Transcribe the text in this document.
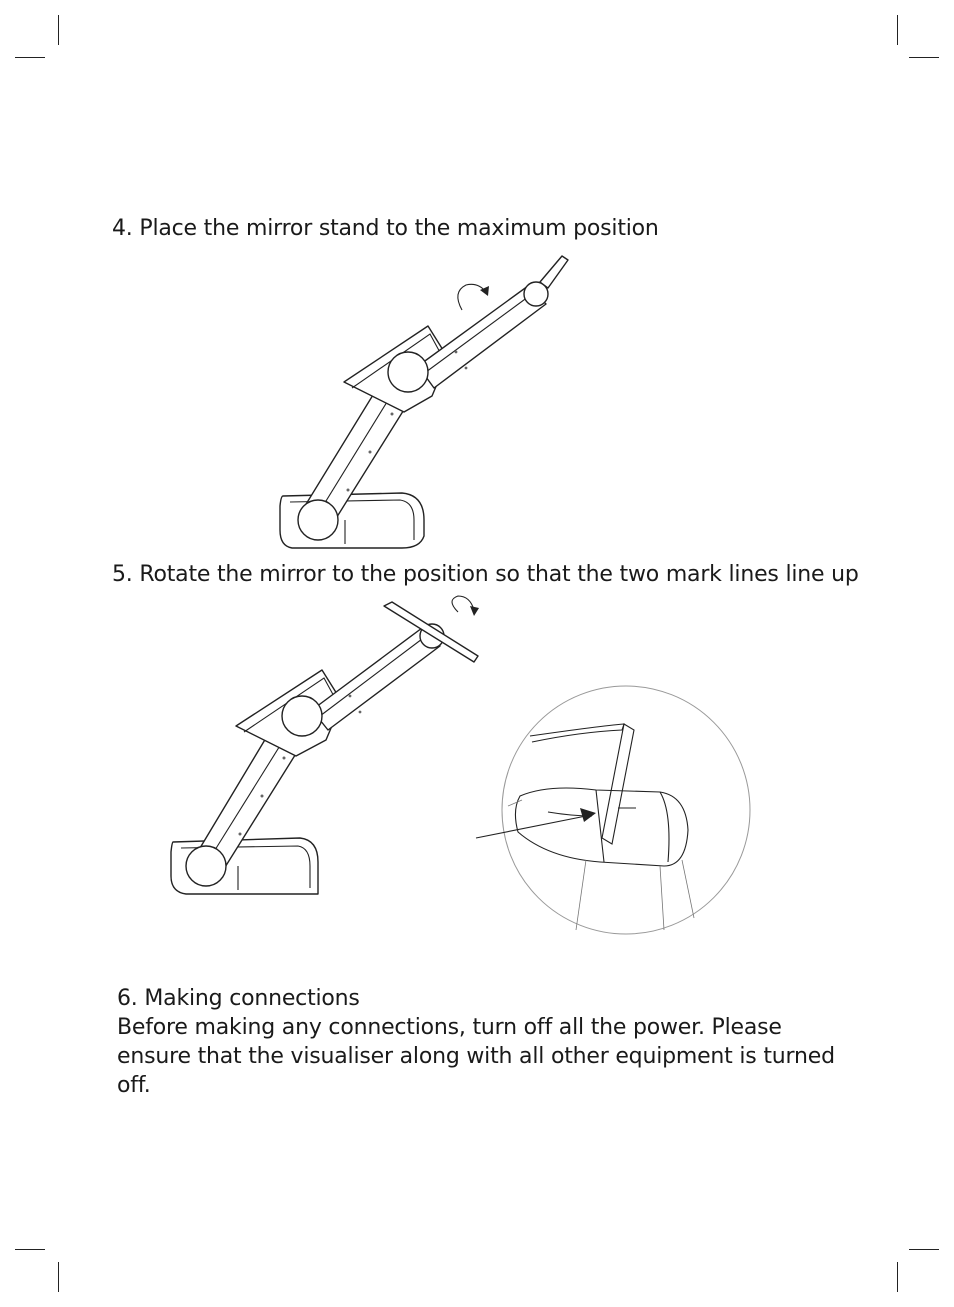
4. Place the mirror stand to the maximum position
5. Rotate the mirror to the position so that the two mark lines line up

6. Making connections

Before making any connections, turn off all the power. Please ensure that the visualiser along with all other equipment is turned off.
